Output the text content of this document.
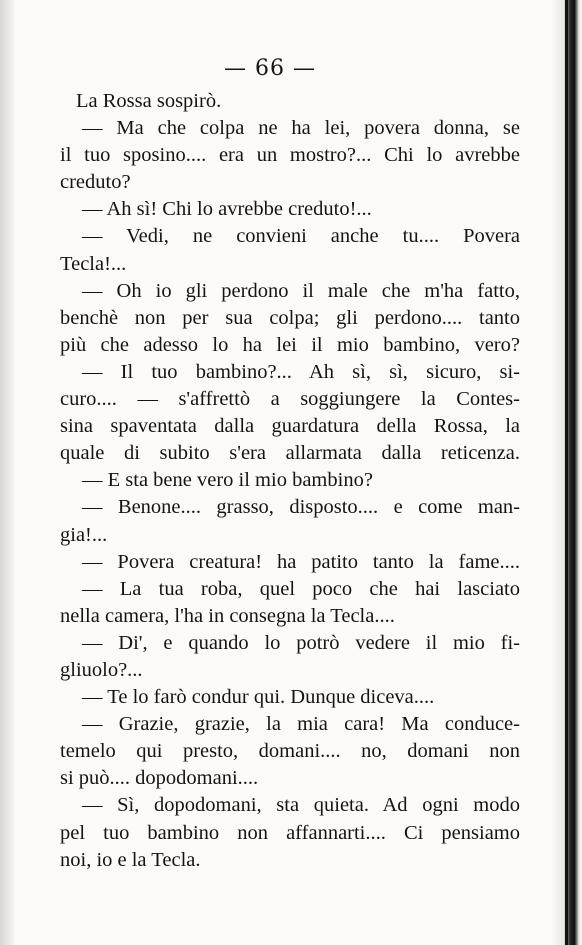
— 66 —
La Rossa sospirò.
— Ma che colpa ne ha lei, povera donna, se
il tuo sposino.... era un mostro?... Chi lo avrebbe
creduto?
— Ah sì! Chi lo avrebbe creduto!...
— Vedi, ne convieni anche tu.... Povera
Tecla!...
— Oh io gli perdono il male che m'ha fatto,
benchè non per sua colpa; gli perdono.... tanto
più che adesso lo ha lei il mio bambino, vero?
— Il tuo bambino?... Ah sì, sì, sicuro, si-
curo.... — s'affrettò a soggiungere la Contes-
sina spaventata dalla guardatura della Rossa, la
quale di subito s'era allarmata dalla reticenza.
— E sta bene vero il mio bambino?
— Benone.... grasso, disposto.... e come man-
gia!...
— Povera creatura! ha patito tanto la fame....
— La tua roba, quel poco che hai lasciato
nella camera, l'ha in consegna la Tecla....
— Di', e quando lo potrò vedere il mio fi-
gliuolo?...
— Te lo farò condur qui. Dunque diceva....
— Grazie, grazie, la mia cara! Ma conduce-
temelo qui presto, domani.... no, domani non
si può.... dopodomani....
— Sì, dopodomani, sta quieta. Ad ogni modo
pel tuo bambino non affannarti.... Ci pensiamo
noi, io e la Tecla.
